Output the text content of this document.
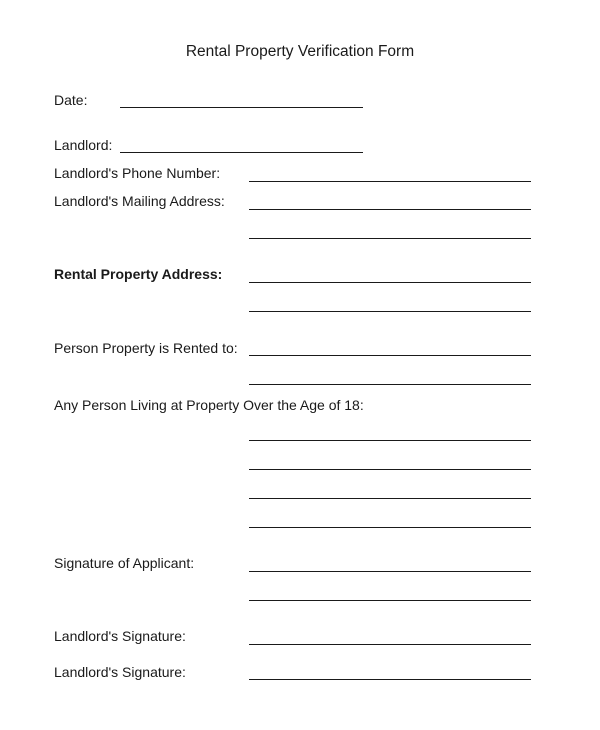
Rental Property Verification Form
Date:
Landlord:
Landlord's Phone Number:
Landlord's Mailing Address:
Rental Property Address:
Person Property is Rented to:
Any Person Living at Property Over the Age of 18:
Signature of Applicant:
Landlord's Signature:
Landlord's Signature:
